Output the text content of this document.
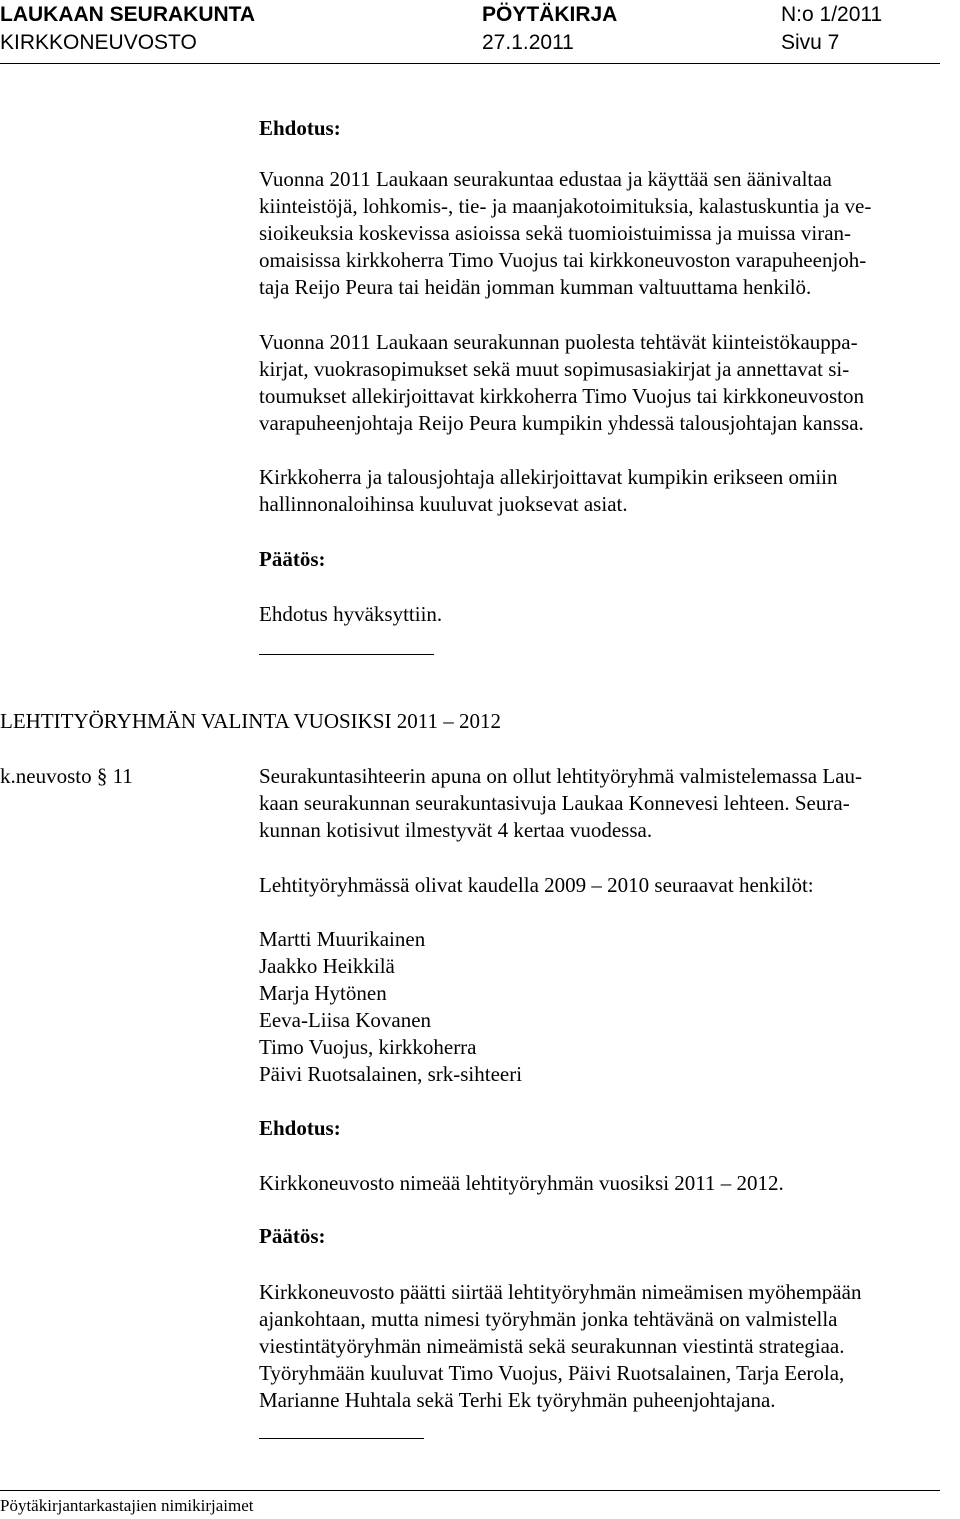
LAUKAAN SEURAKUNTA	PÖYTÄKIRJA	N:o 1/2011
KIRKKONEUVOSTO	27.1.2011	Sivu 7
Ehdotus:
Vuonna 2011 Laukaan seurakuntaa edustaa ja käyttää sen äänivaltaa
kiinteistöjä, lohkomis-, tie- ja maanjakotoimituksia, kalastuskuntia ja ve-
sioikeuksia koskevissa asioissa sekä tuomioistuimissa ja muissa viran-
omaisissa kirkkoherra Timo Vuojus tai kirkkoneuvoston varapuheenjoh-
taja Reijo Peura tai heidän jomman kumman valtuuttama henkilö.
Vuonna 2011 Laukaan seurakunnan puolesta tehtävät kiinteistökauppa-
kirjat, vuokrasopimukset sekä muut sopimusasiakirjat ja annettavat si-
toumukset allekirjoittavat kirkkoherra Timo Vuojus tai kirkkoneuvoston
varapuheenjohtaja Reijo Peura kumpikin yhdessä talousjohtajan kanssa.
Kirkkoherra ja talousjohtaja allekirjoittavat kumpikin erikseen omiin
hallinnonaloihinsa kuuluvat juoksevat asiat.
Päätös:
Ehdotus hyväksyttiin.
LEHTITYÖRYHMÄN VALINTA VUOSIKSI 2011 – 2012
k.neuvosto § 11	Seurakuntasihteerin apuna on ollut lehtityöryhmä valmistelemassa Lau-
kaan seurakunnan seurakuntasivuja Laukaa Konnevesi lehteen. Seura-
kunnan kotisivut ilmestyvät 4 kertaa vuodessa.
Lehtityöryhmässä olivat kaudella 2009 – 2010 seuraavat henkilöt:
Martti Muurikainen
Jaakko Heikkilä
Marja Hytönen
Eeva-Liisa Kovanen
Timo Vuojus, kirkkoherra
Päivi Ruotsalainen, srk-sihteeri
Ehdotus:
Kirkkoneuvosto nimeää lehtityöryhmän vuosiksi 2011 – 2012.
Päätös:
Kirkkoneuvosto päätti siirtää lehtityöryhmän nimeämisen myöhempään
ajankohtaan, mutta nimesi työryhmän jonka tehtävänä on valmistella
viestintätyöryhmän nimeämistä sekä seurakunnan viestintä strategiaa.
Työryhmään kuuluvat Timo Vuojus, Päivi Ruotsalainen, Tarja Eerola,
Marianne Huhtala sekä Terhi Ek työryhmän puheenjohtajana.
Pöytäkirjantarkastajien nimikirjaimet
